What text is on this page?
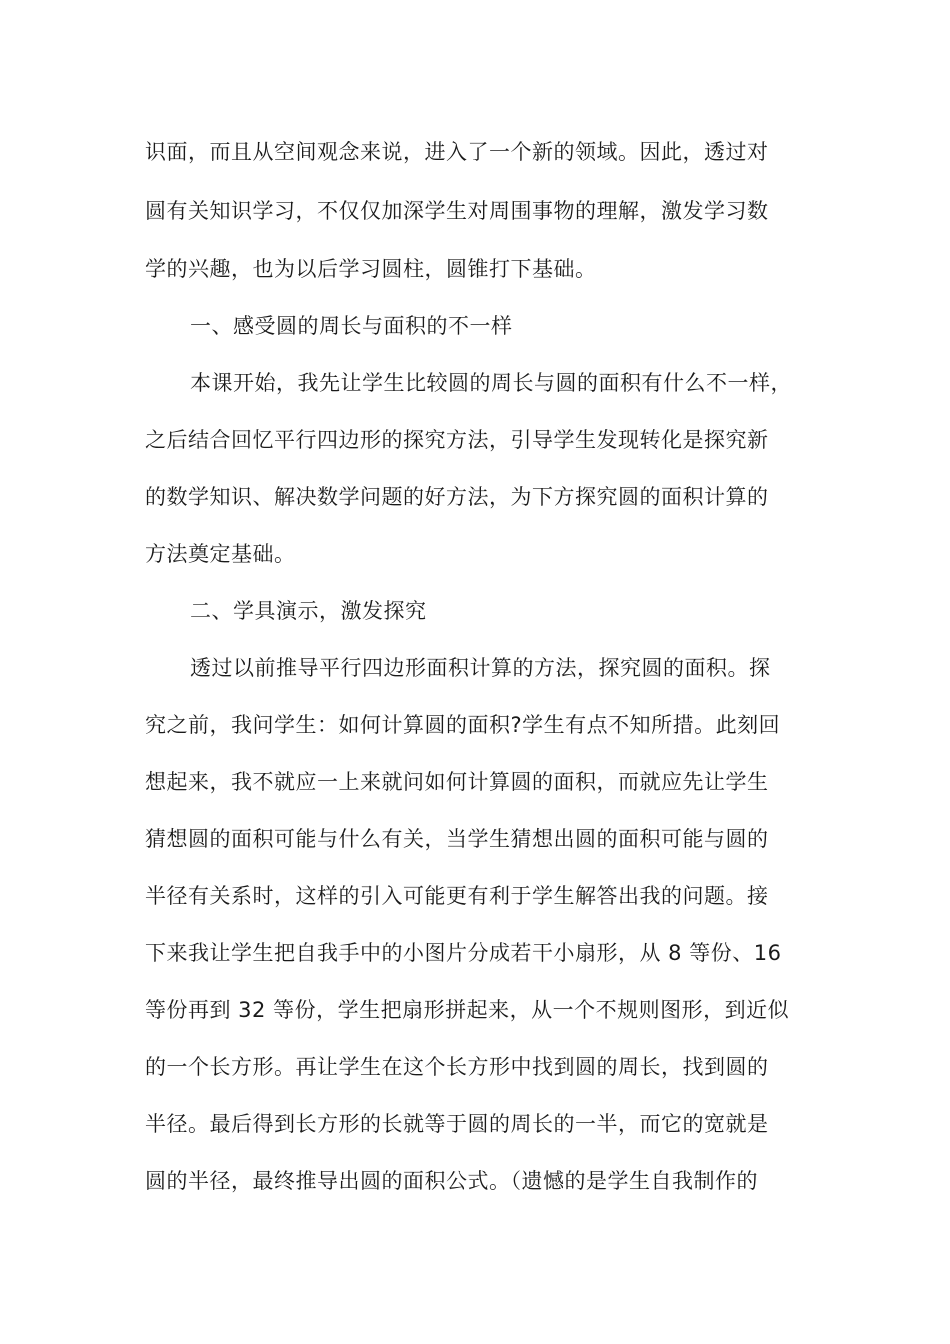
识面，而且从空间观念来说，进入了一个新的领域。因此，透过对
圆有关知识学习，不仅仅加深学生对周围事物的理解，激发学习数
学的兴趣，也为以后学习圆柱，圆锥打下基础。
一、感受圆的周长与面积的不一样
本课开始，我先让学生比较圆的周长与圆的面积有什么不一样，
之后结合回忆平行四边形的探究方法，引导学生发现转化是探究新
的数学知识、解决数学问题的好方法，为下方探究圆的面积计算的
方法奠定基础。
二、学具演示，激发探究
透过以前推导平行四边形面积计算的方法，探究圆的面积。探
究之前，我问学生：如何计算圆的面积?学生有点不知所措。此刻回
想起来，我不就应一上来就问如何计算圆的面积，而就应先让学生
猜想圆的面积可能与什么有关，当学生猜想出圆的面积可能与圆的
半径有关系时，这样的引入可能更有利于学生解答出我的问题。接
下来我让学生把自我手中的小图片分成若干小扇形，从 8 等份、16
等份再到 32 等份，学生把扇形拼起来，从一个不规则图形，到近似
的一个长方形。再让学生在这个长方形中找到圆的周长，找到圆的
半径。最后得到长方形的长就等于圆的周长的一半，而它的宽就是
圆的半径，最终推导出圆的面积公式。（遗憾的是学生自我制作的
